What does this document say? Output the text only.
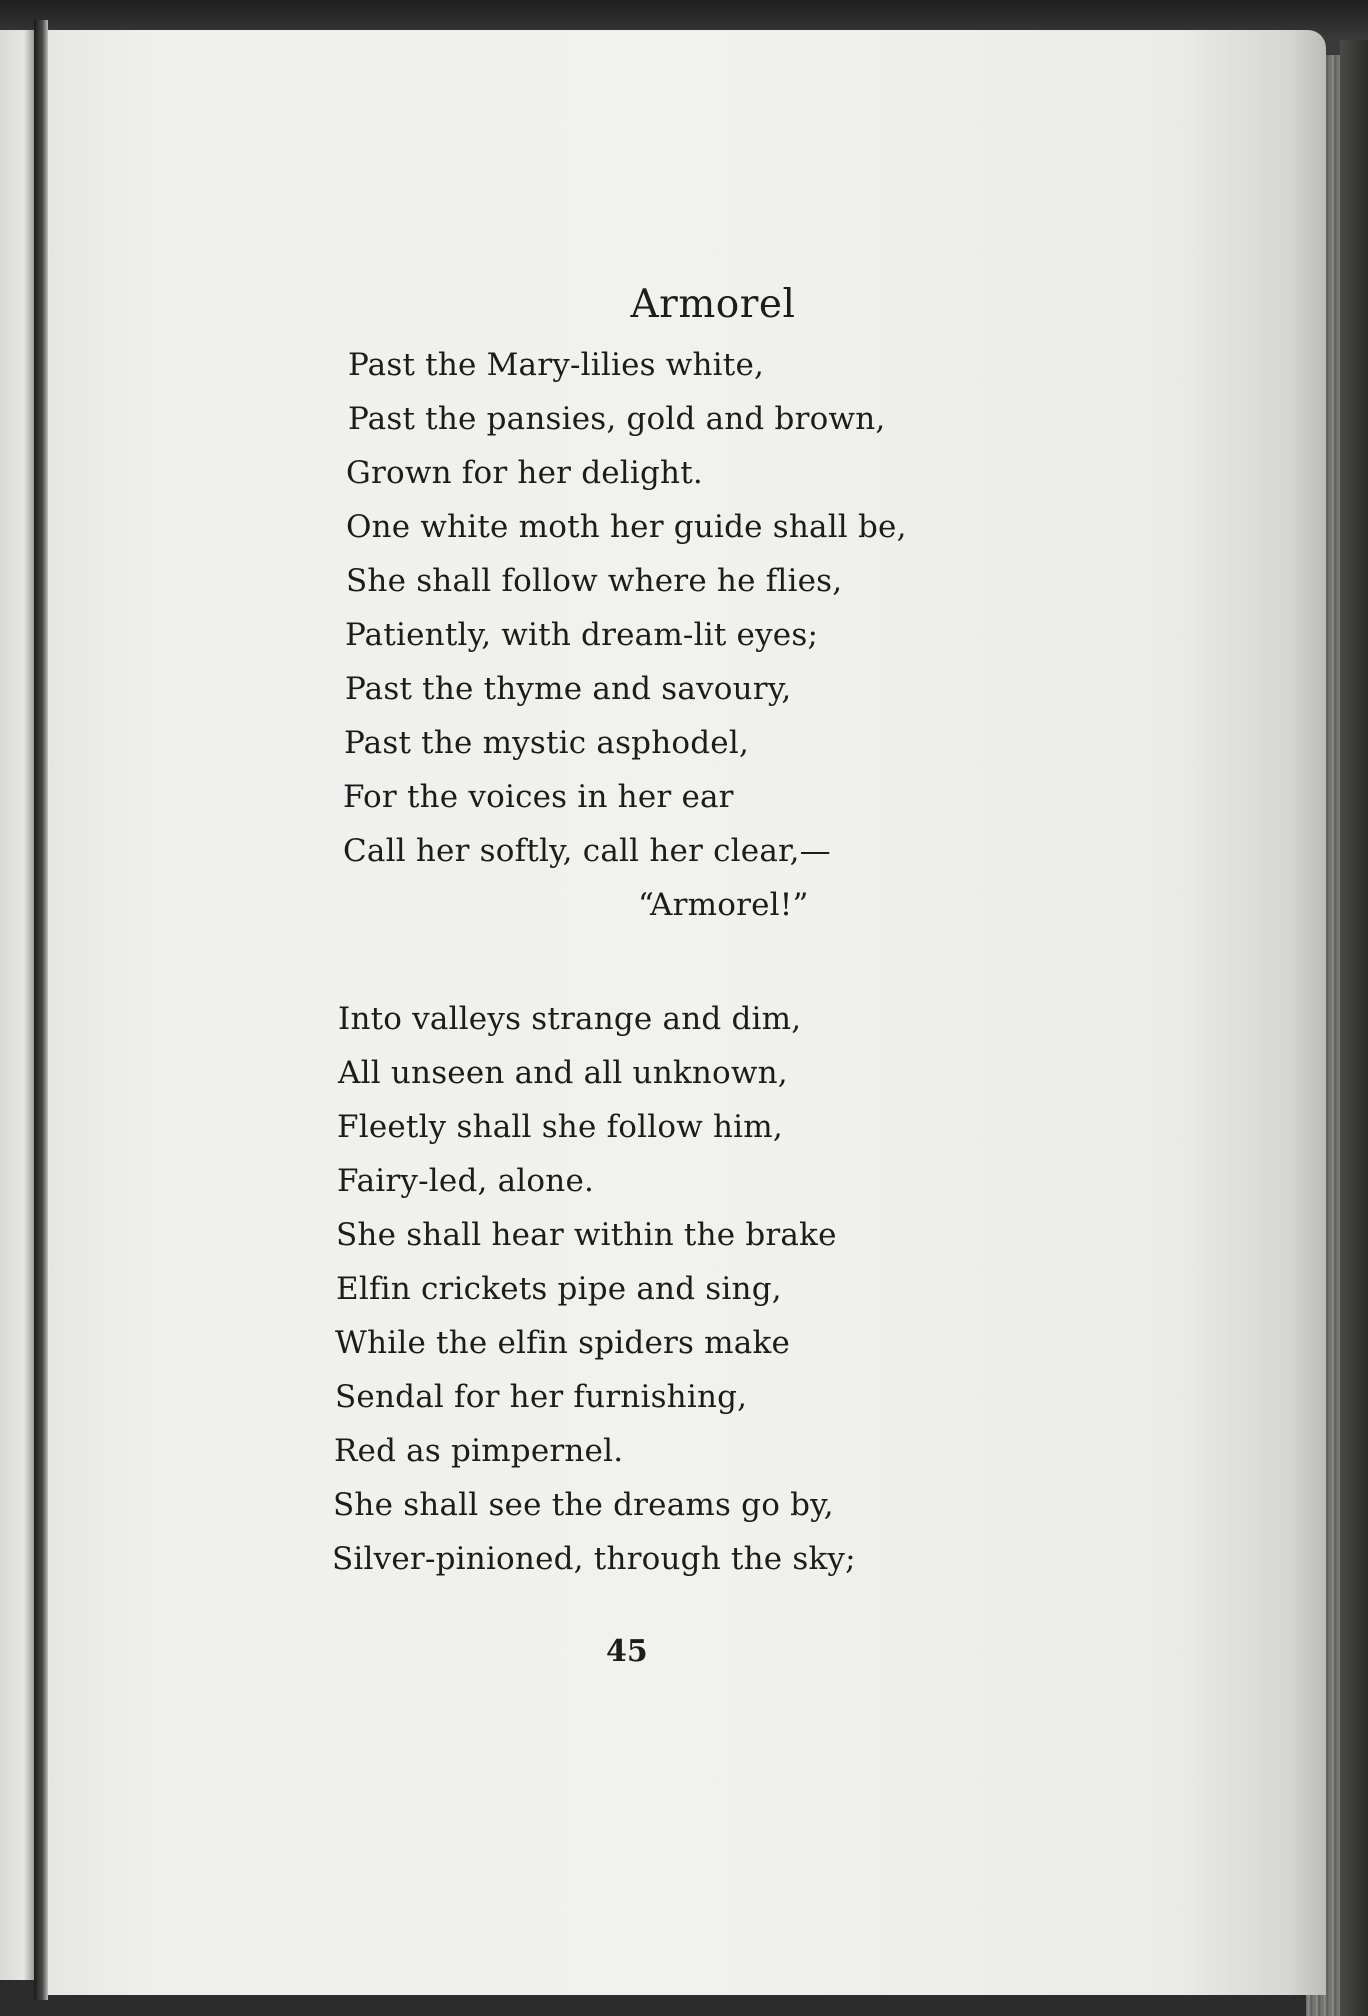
Armorel

Past the Mary-lilies white,

Past the pansies, gold and brown,

Grown for her delight.

One white moth her guide shall be,

She shall follow where he flies,

Patiently, with dream-lit eyes;

Past the thyme and savoury,

Past the mystic asphodel,

For the voices in her ear

Call her softly, call her clear,—

“Armorel!”

Into valleys strange and dim,

All unseen and all unknown,

Fleetly shall she follow him,

Fairy-led, alone.

She shall hear within the brake

Elfin crickets pipe and sing,

While the elfin spiders make

Sendal for her furnishing,

Red as pimpernel.

She shall see the dreams go by,

Silver-pinioned, through the sky;

45
